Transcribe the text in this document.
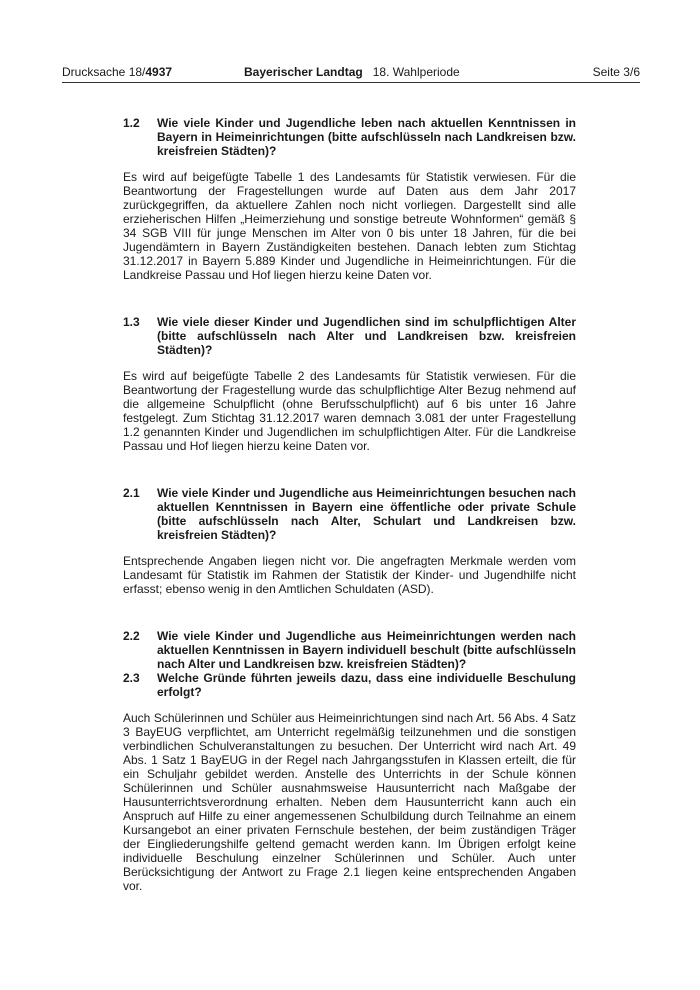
Drucksache 18/4937	Bayerischer Landtag 18. Wahlperiode	Seite 3/6
1.2	Wie viele Kinder und Jugendliche leben nach aktuellen Kenntnissen in Bayern in Heimeinrichtungen (bitte aufschlüsseln nach Landkreisen bzw. kreisfreien Städten)?
Es wird auf beigefügte Tabelle 1 des Landesamts für Statistik verwiesen. Für die Beantwortung der Fragestellungen wurde auf Daten aus dem Jahr 2017 zurückgegriffen, da aktuellere Zahlen noch nicht vorliegen. Dargestellt sind alle erzieherischen Hilfen „Heimerziehung und sonstige betreute Wohnformen“ gemäß § 34 SGB VIII für junge Menschen im Alter von 0 bis unter 18 Jahren, für die bei Jugendämtern in Bayern Zuständigkeiten bestehen. Danach lebten zum Stichtag 31.12.2017 in Bayern 5.889 Kinder und Jugendliche in Heimeinrichtungen. Für die Landkreise Passau und Hof liegen hierzu keine Daten vor.
1.3	Wie viele dieser Kinder und Jugendlichen sind im schulpflichtigen Alter (bitte aufschlüsseln nach Alter und Landkreisen bzw. kreisfreien Städten)?
Es wird auf beigefügte Tabelle 2 des Landesamts für Statistik verwiesen. Für die Beantwortung der Fragestellung wurde das schulpflichtige Alter Bezug nehmend auf die allgemeine Schulpflicht (ohne Berufsschulpflicht) auf 6 bis unter 16 Jahre festgelegt. Zum Stichtag 31.12.2017 waren demnach 3.081 der unter Fragestellung 1.2 genannten Kinder und Jugendlichen im schulpflichtigen Alter. Für die Landkreise Passau und Hof liegen hierzu keine Daten vor.
2.1	Wie viele Kinder und Jugendliche aus Heimeinrichtungen besuchen nach aktuellen Kenntnissen in Bayern eine öffentliche oder private Schule (bitte aufschlüsseln nach Alter, Schulart und Landkreisen bzw. kreisfreien Städten)?
Entsprechende Angaben liegen nicht vor. Die angefragten Merkmale werden vom Landesamt für Statistik im Rahmen der Statistik der Kinder- und Jugendhilfe nicht erfasst; ebenso wenig in den Amtlichen Schuldaten (ASD).
2.2	Wie viele Kinder und Jugendliche aus Heimeinrichtungen werden nach aktuellen Kenntnissen in Bayern individuell beschult (bitte aufschlüsseln nach Alter und Landkreisen bzw. kreisfreien Städten)?
2.3	Welche Gründe führten jeweils dazu, dass eine individuelle Beschulung erfolgt?
Auch Schülerinnen und Schüler aus Heimeinrichtungen sind nach Art. 56 Abs. 4 Satz 3 BayEUG verpflichtet, am Unterricht regelmäßig teilzunehmen und die sonstigen verbindlichen Schulveranstaltungen zu besuchen. Der Unterricht wird nach Art. 49 Abs. 1 Satz 1 BayEUG in der Regel nach Jahrgangsstufen in Klassen erteilt, die für ein Schuljahr gebildet werden. Anstelle des Unterrichts in der Schule können Schülerinnen und Schüler ausnahmsweise Hausunterricht nach Maßgabe der Hausunterrichtsverordnung erhalten. Neben dem Hausunterricht kann auch ein Anspruch auf Hilfe zu einer angemessenen Schulbildung durch Teilnahme an einem Kursangebot an einer privaten Fernschule bestehen, der beim zuständigen Träger der Eingliederungshilfe geltend gemacht werden kann. Im Übrigen erfolgt keine individuelle Beschulung einzelner Schülerinnen und Schüler. Auch unter Berücksichtigung der Antwort zu Frage 2.1 liegen keine entsprechenden Angaben vor.
